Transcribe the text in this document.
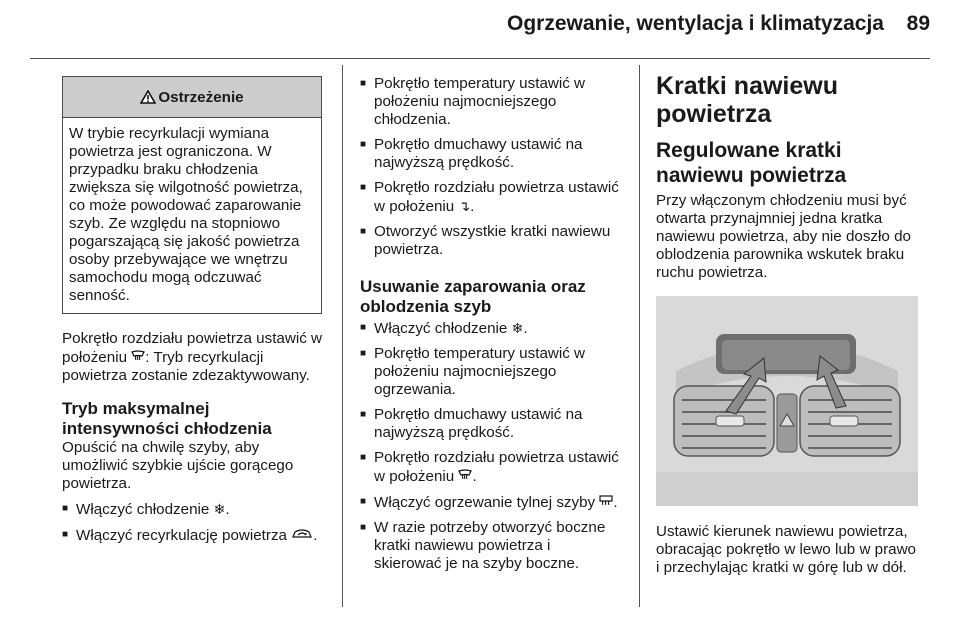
Ogrzewanie, wentylacja i klimatyzacja 89
Ostrzeżenie

W trybie recyrkulacji wymiana powietrza jest ograniczona. W przypadku braku chłodzenia zwiększa się wilgotność powietrza, co może powodować zaparowanie szyb. Ze względu na stopniowo pogarszającą się jakość powietrza osoby przebywające we wnętrzu samochodu mogą odczuwać senność.

Pokrętło rozdziału powietrza ustawić w położeniu : Tryb recyrkulacji powietrza zostanie zdezaktywowany.

Tryb maksymalnej intensywności chłodzenia

Opuścić na chwilę szyby, aby umożliwić szybkie ujście gorącego powietrza.

■ Włączyć chłodzenie ❄.
■ Włączyć recyrkulację powietrza .
■ Pokrętło temperatury ustawić w położeniu najmocniejszego chłodzenia.
■ Pokrętło dmuchawy ustawić na najwyższą prędkość.
■ Pokrętło rozdziału powietrza ustawić w położeniu ↴.
■ Otworzyć wszystkie kratki nawiewu powietrza.
Usuwanie zaparowania oraz oblodzenia szyb
■ Włączyć chłodzenie ❄.
■ Pokrętło temperatury ustawić w położeniu najmocniejszego ogrzewania.
■ Pokrętło dmuchawy ustawić na najwyższą prędkość.
■ Pokrętło rozdziału powietrza ustawić w położeniu .
■ Włączyć ogrzewanie tylnej szyby .
■ W razie potrzeby otworzyć boczne kratki nawiewu powietrza i skierować je na szyby boczne.
Kratki nawiewu powietrza
Regulowane kratki nawiewu powietrza

Przy włączonym chłodzeniu musi być otwarta przynajmniej jedna kratka nawiewu powietrza, aby nie doszło do oblodzenia parownika wskutek braku ruchu powietrza.

Ustawić kierunek nawiewu powietrza, obracając pokrętło w lewo lub w prawo i przechylając kratki w górę lub w dół.
